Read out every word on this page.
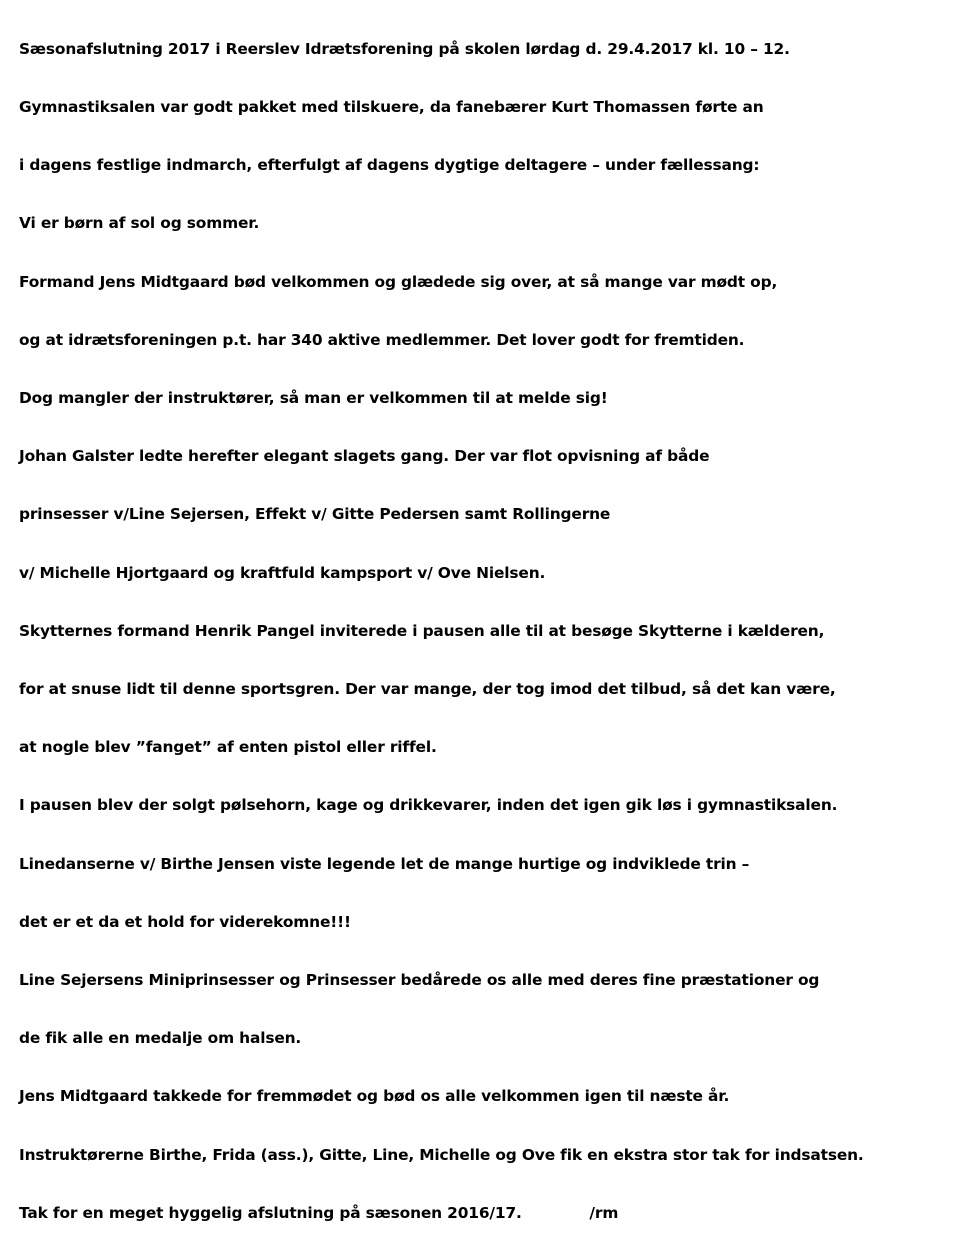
Sæsonafslutning 2017 i Reerslev Idrætsforening på skolen lørdag d. 29.4.2017 kl. 10 – 12.

Gymnastiksalen var godt pakket med tilskuere, da fanebærer Kurt Thomassen førte an

i dagens festlige indmarch, efterfulgt af dagens dygtige deltagere – under fællessang:

Vi er børn af sol og sommer.

Formand Jens Midtgaard bød velkommen og glædede sig over, at så mange var mødt op,

og at idrætsforeningen p.t. har 340 aktive medlemmer. Det lover godt for fremtiden.

Dog mangler der instruktører, så man er velkommen til at melde sig!

Johan Galster ledte herefter elegant slagets gang. Der var flot opvisning af både

prinsesser v/Line Sejersen, Effekt v/ Gitte Pedersen samt Rollingerne

v/ Michelle Hjortgaard og kraftfuld kampsport v/ Ove Nielsen.

Skytternes formand Henrik Pangel inviterede i pausen alle til at besøge Skytterne i kælderen,

for at snuse lidt til denne sportsgren. Der var mange, der tog imod det tilbud, så det kan være,

at nogle blev ”fanget” af enten pistol eller riffel.

I pausen blev der solgt pølsehorn, kage og drikkevarer, inden det igen gik løs i gymnastiksalen.

Linedanserne v/ Birthe Jensen viste legende let de mange hurtige og indviklede trin –

det er et da et hold for viderekomne!!!

Line Sejersens Miniprinsesser og Prinsesser bedårede os alle med deres fine præstationer og

de fik alle en medalje om halsen.

Jens Midtgaard takkede for fremmødet og bød os alle velkommen igen til næste år.

Instruktørerne Birthe, Frida (ass.), Gitte, Line, Michelle og Ove fik en ekstra stor tak for indsatsen.

Tak for en meget hyggelig afslutning på sæsonen 2016/17.             /rm
